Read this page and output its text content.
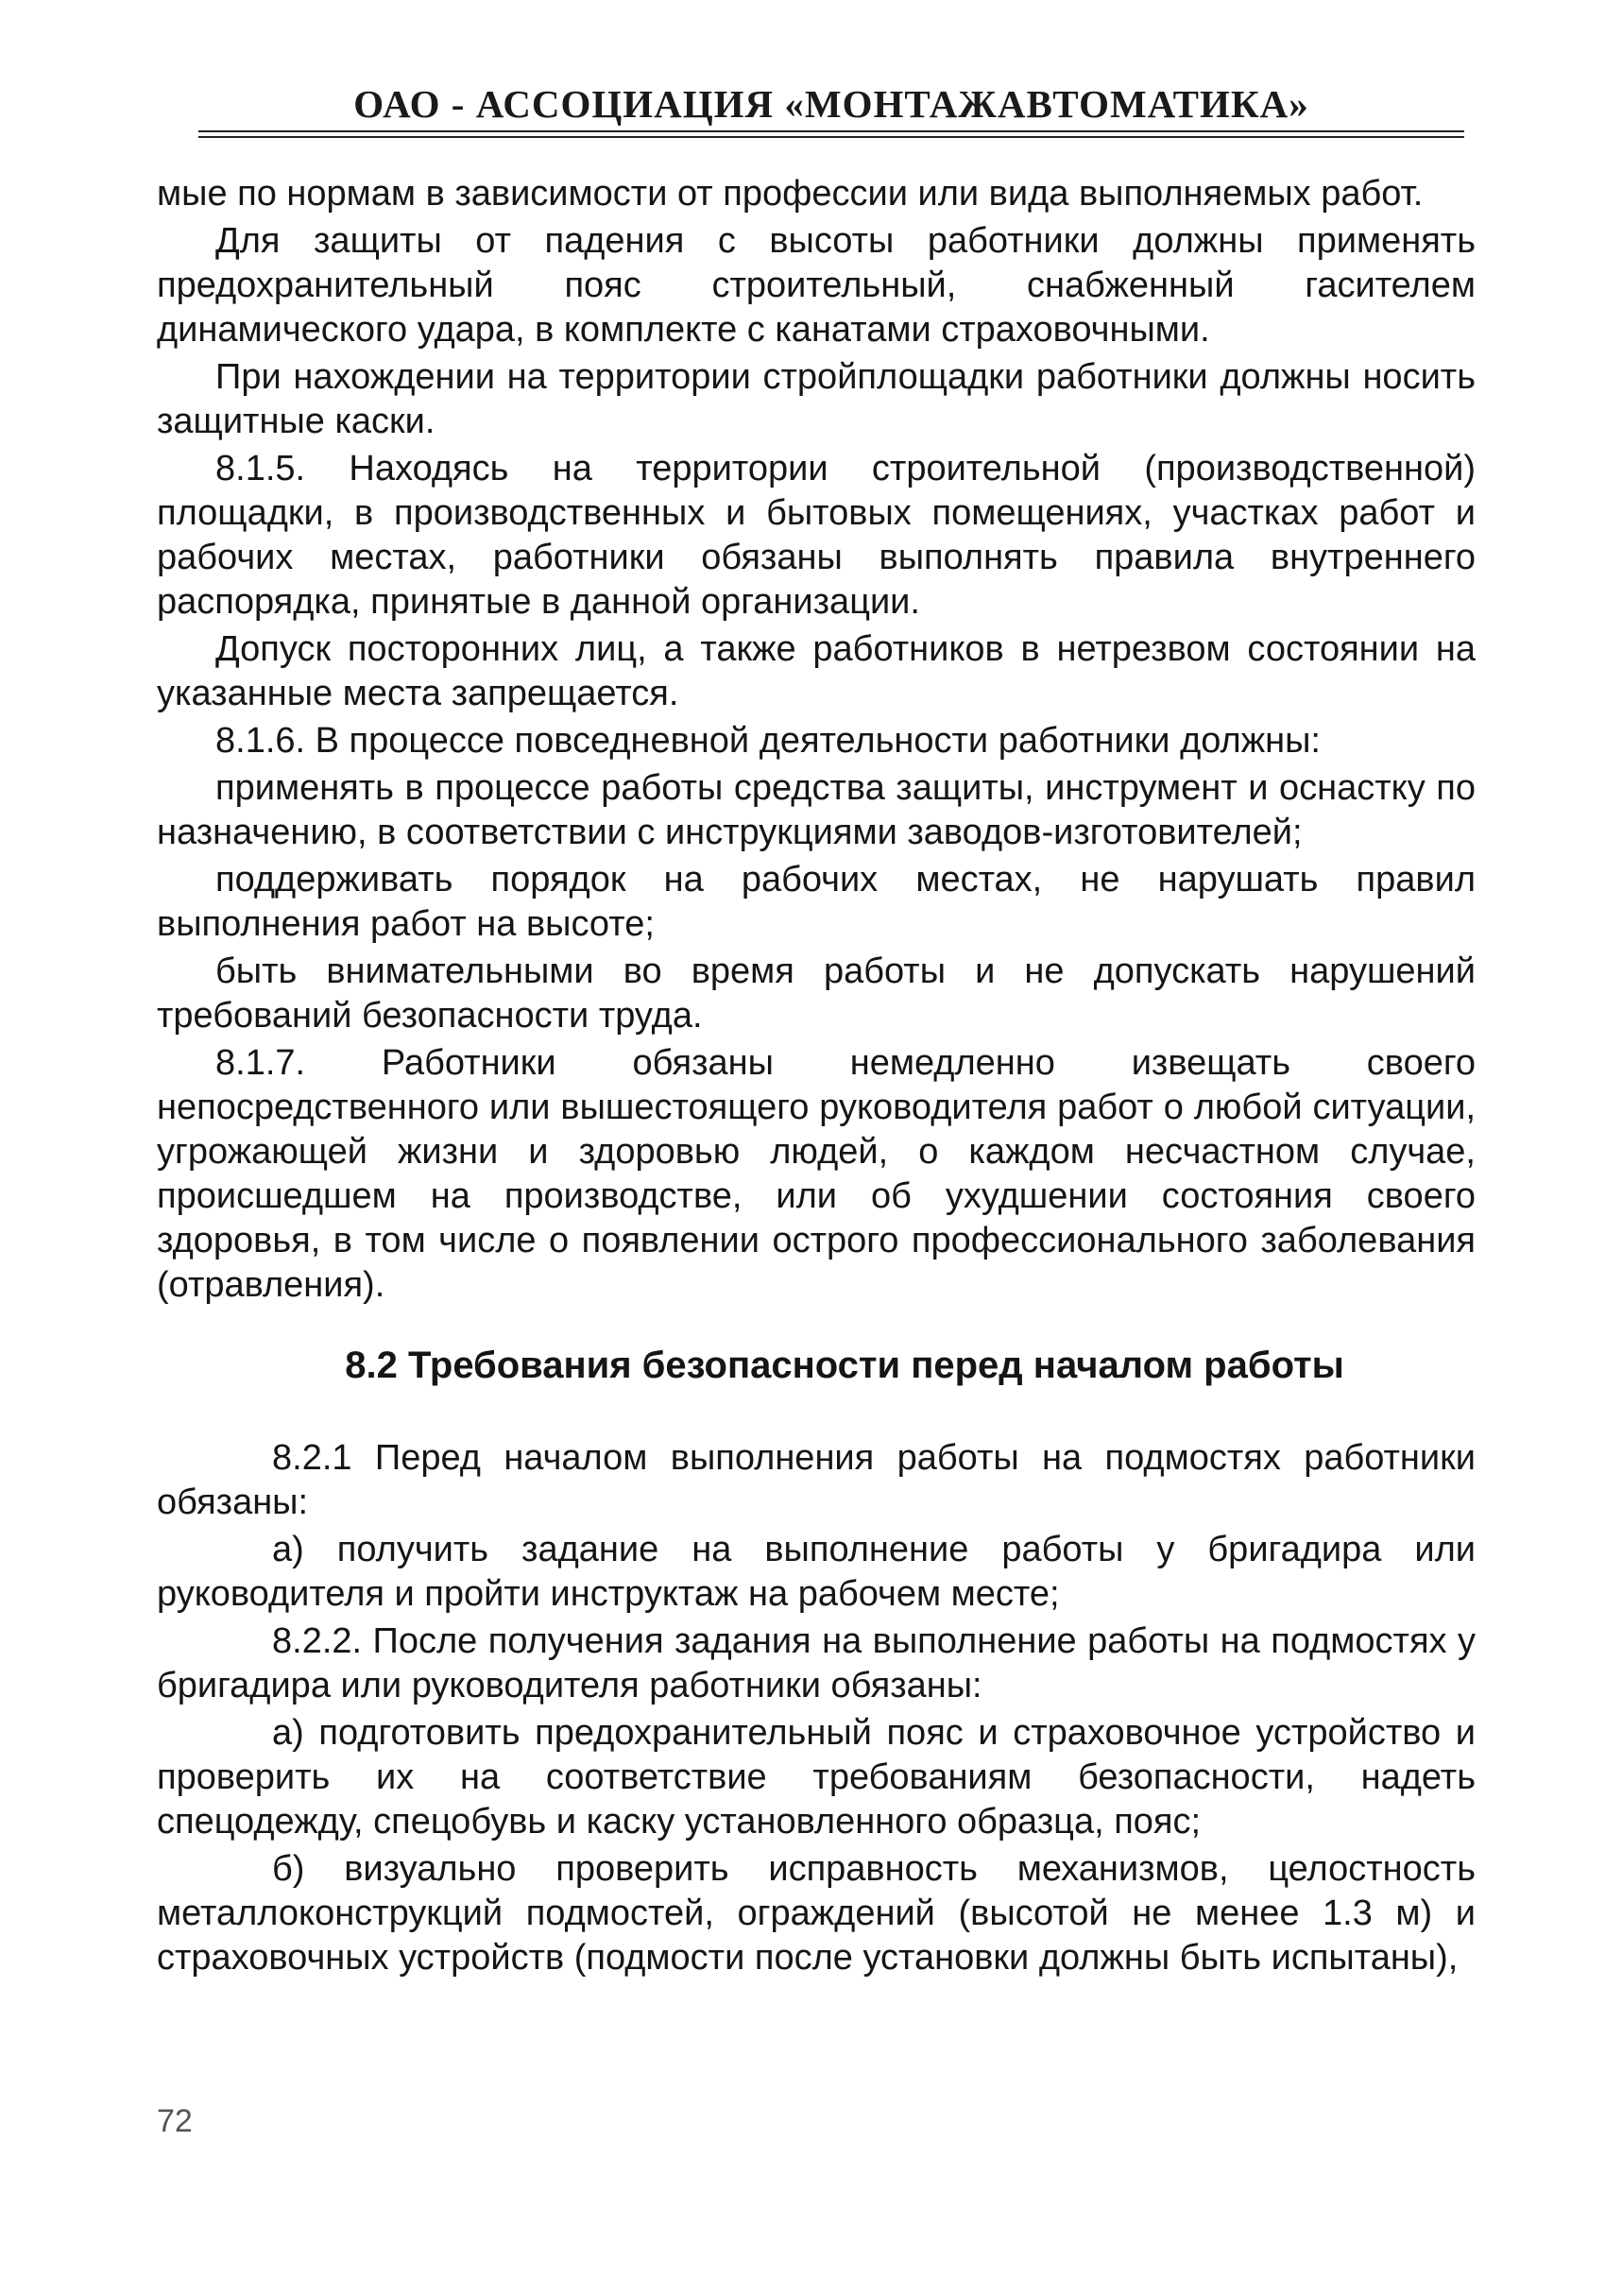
ОАО - АССОЦИАЦИЯ «МОНТАЖАВТОМАТИКА»

мые по нормам в зависимости от профессии или вида выполняемых работ.

Для защиты от падения с высоты работники должны применять предохранительный пояс строительный, снабженный гасителем динамического удара, в комплекте с канатами страховочными.

При нахождении на территории стройплощадки работники должны носить защитные каски.

8.1.5. Находясь на территории строительной (производственной) площадки, в производственных и бытовых помещениях, участках работ и рабочих местах, работники обязаны выполнять правила внутреннего распорядка, принятые в данной организации.

Допуск посторонних лиц, а также работников в нетрезвом состоянии на указанные места запрещается.

8.1.6. В процессе повседневной деятельности работники должны:

применять в процессе работы средства защиты, инструмент и оснастку по назначению, в соответствии с инструкциями заводов-изготовителей;

поддерживать порядок на рабочих местах, не нарушать правил выполнения работ на высоте;

быть внимательными во время работы и не допускать нарушений требований безопасности труда.

8.1.7. Работники обязаны немедленно извещать своего непосредственного или вышестоящего руководителя работ о любой ситуации, угрожающей жизни и здоровью людей, о каждом несчастном случае, происшедшем на производстве, или об ухудшении состояния своего здоровья, в том числе о появлении острого профессионального заболевания (отравления).

8.2 Требования безопасности перед началом работы

8.2.1 Перед началом выполнения работы на подмостях работники обязаны:

а) получить задание на выполнение работы у бригадира или руководителя и пройти инструктаж на рабочем месте;

8.2.2. После получения задания на выполнение работы на подмостях у бригадира или руководителя работники обязаны:

а) подготовить предохранительный пояс и страховочное устройство и проверить их на соответствие требованиям безопасности, надеть спецодежду, спецобувь и каску установленного образца, пояс;

б) визуально проверить исправность механизмов, целостность металлоконструкций подмостей, ограждений (высотой не менее 1.3 м) и страховочных устройств (подмости после установки должны быть испытаны),

72
